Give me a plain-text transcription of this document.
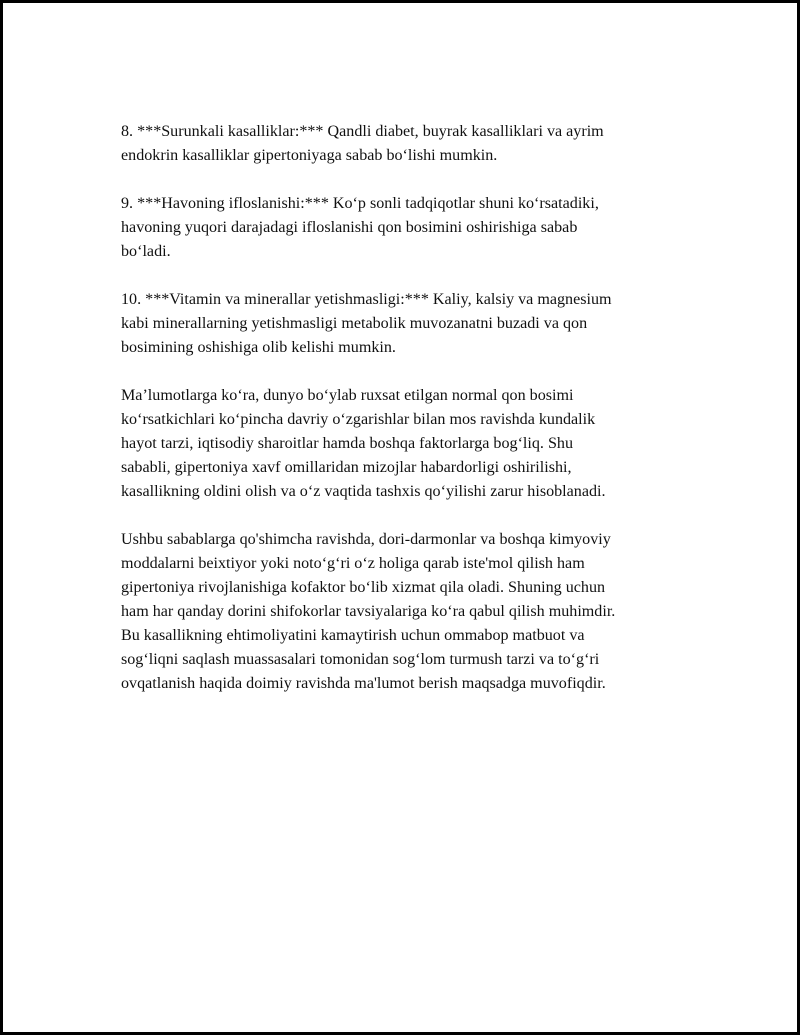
8. ***Surunkali kasalliklar:*** Qandli diabet, buyrak kasalliklari va ayrim
endokrin kasalliklar gipertoniyaga sabab bo‘lishi mumkin.

9. ***Havoning ifloslanishi:*** Ko‘p sonli tadqiqotlar shuni ko‘rsatadiki,
havoning yuqori darajadagi ifloslanishi qon bosimini oshirishiga sabab
bo‘ladi.

10. ***Vitamin va minerallar yetishmasligi:*** Kaliy, kalsiy va magnesium
kabi minerallarning yetishmasligi metabolik muvozanatni buzadi va qon
bosimining oshishiga olib kelishi mumkin.

Ma’lumotlarga ko‘ra, dunyo bo‘ylab ruxsat etilgan normal qon bosimi
ko‘rsatkichlari ko‘pincha davriy o‘zgarishlar bilan mos ravishda kundalik
hayot tarzi, iqtisodiy sharoitlar hamda boshqa faktorlarga bog‘liq. Shu
sababli, gipertoniya xavf omillaridan mizojlar habardorligi oshirilishi,
kasallikning oldini olish va o‘z vaqtida tashxis qo‘yilishi zarur hisoblanadi.

Ushbu sabablarga qo'shimcha ravishda, dori-darmonlar va boshqa kimyoviy
moddalarni beixtiyor yoki noto‘g‘ri o‘z holiga qarab iste'mol qilish ham
gipertoniya rivojlanishiga kofaktor bo‘lib xizmat qila oladi. Shuning uchun
ham har qanday dorini shifokorlar tavsiyalariga ko‘ra qabul qilish muhimdir.
Bu kasallikning ehtimoliyatini kamaytirish uchun ommabop matbuot va
sog‘liqni saqlash muassasalari tomonidan sog‘lom turmush tarzi va to‘g‘ri
ovqatlanish haqida doimiy ravishda ma'lumot berish maqsadga muvofiqdir.
